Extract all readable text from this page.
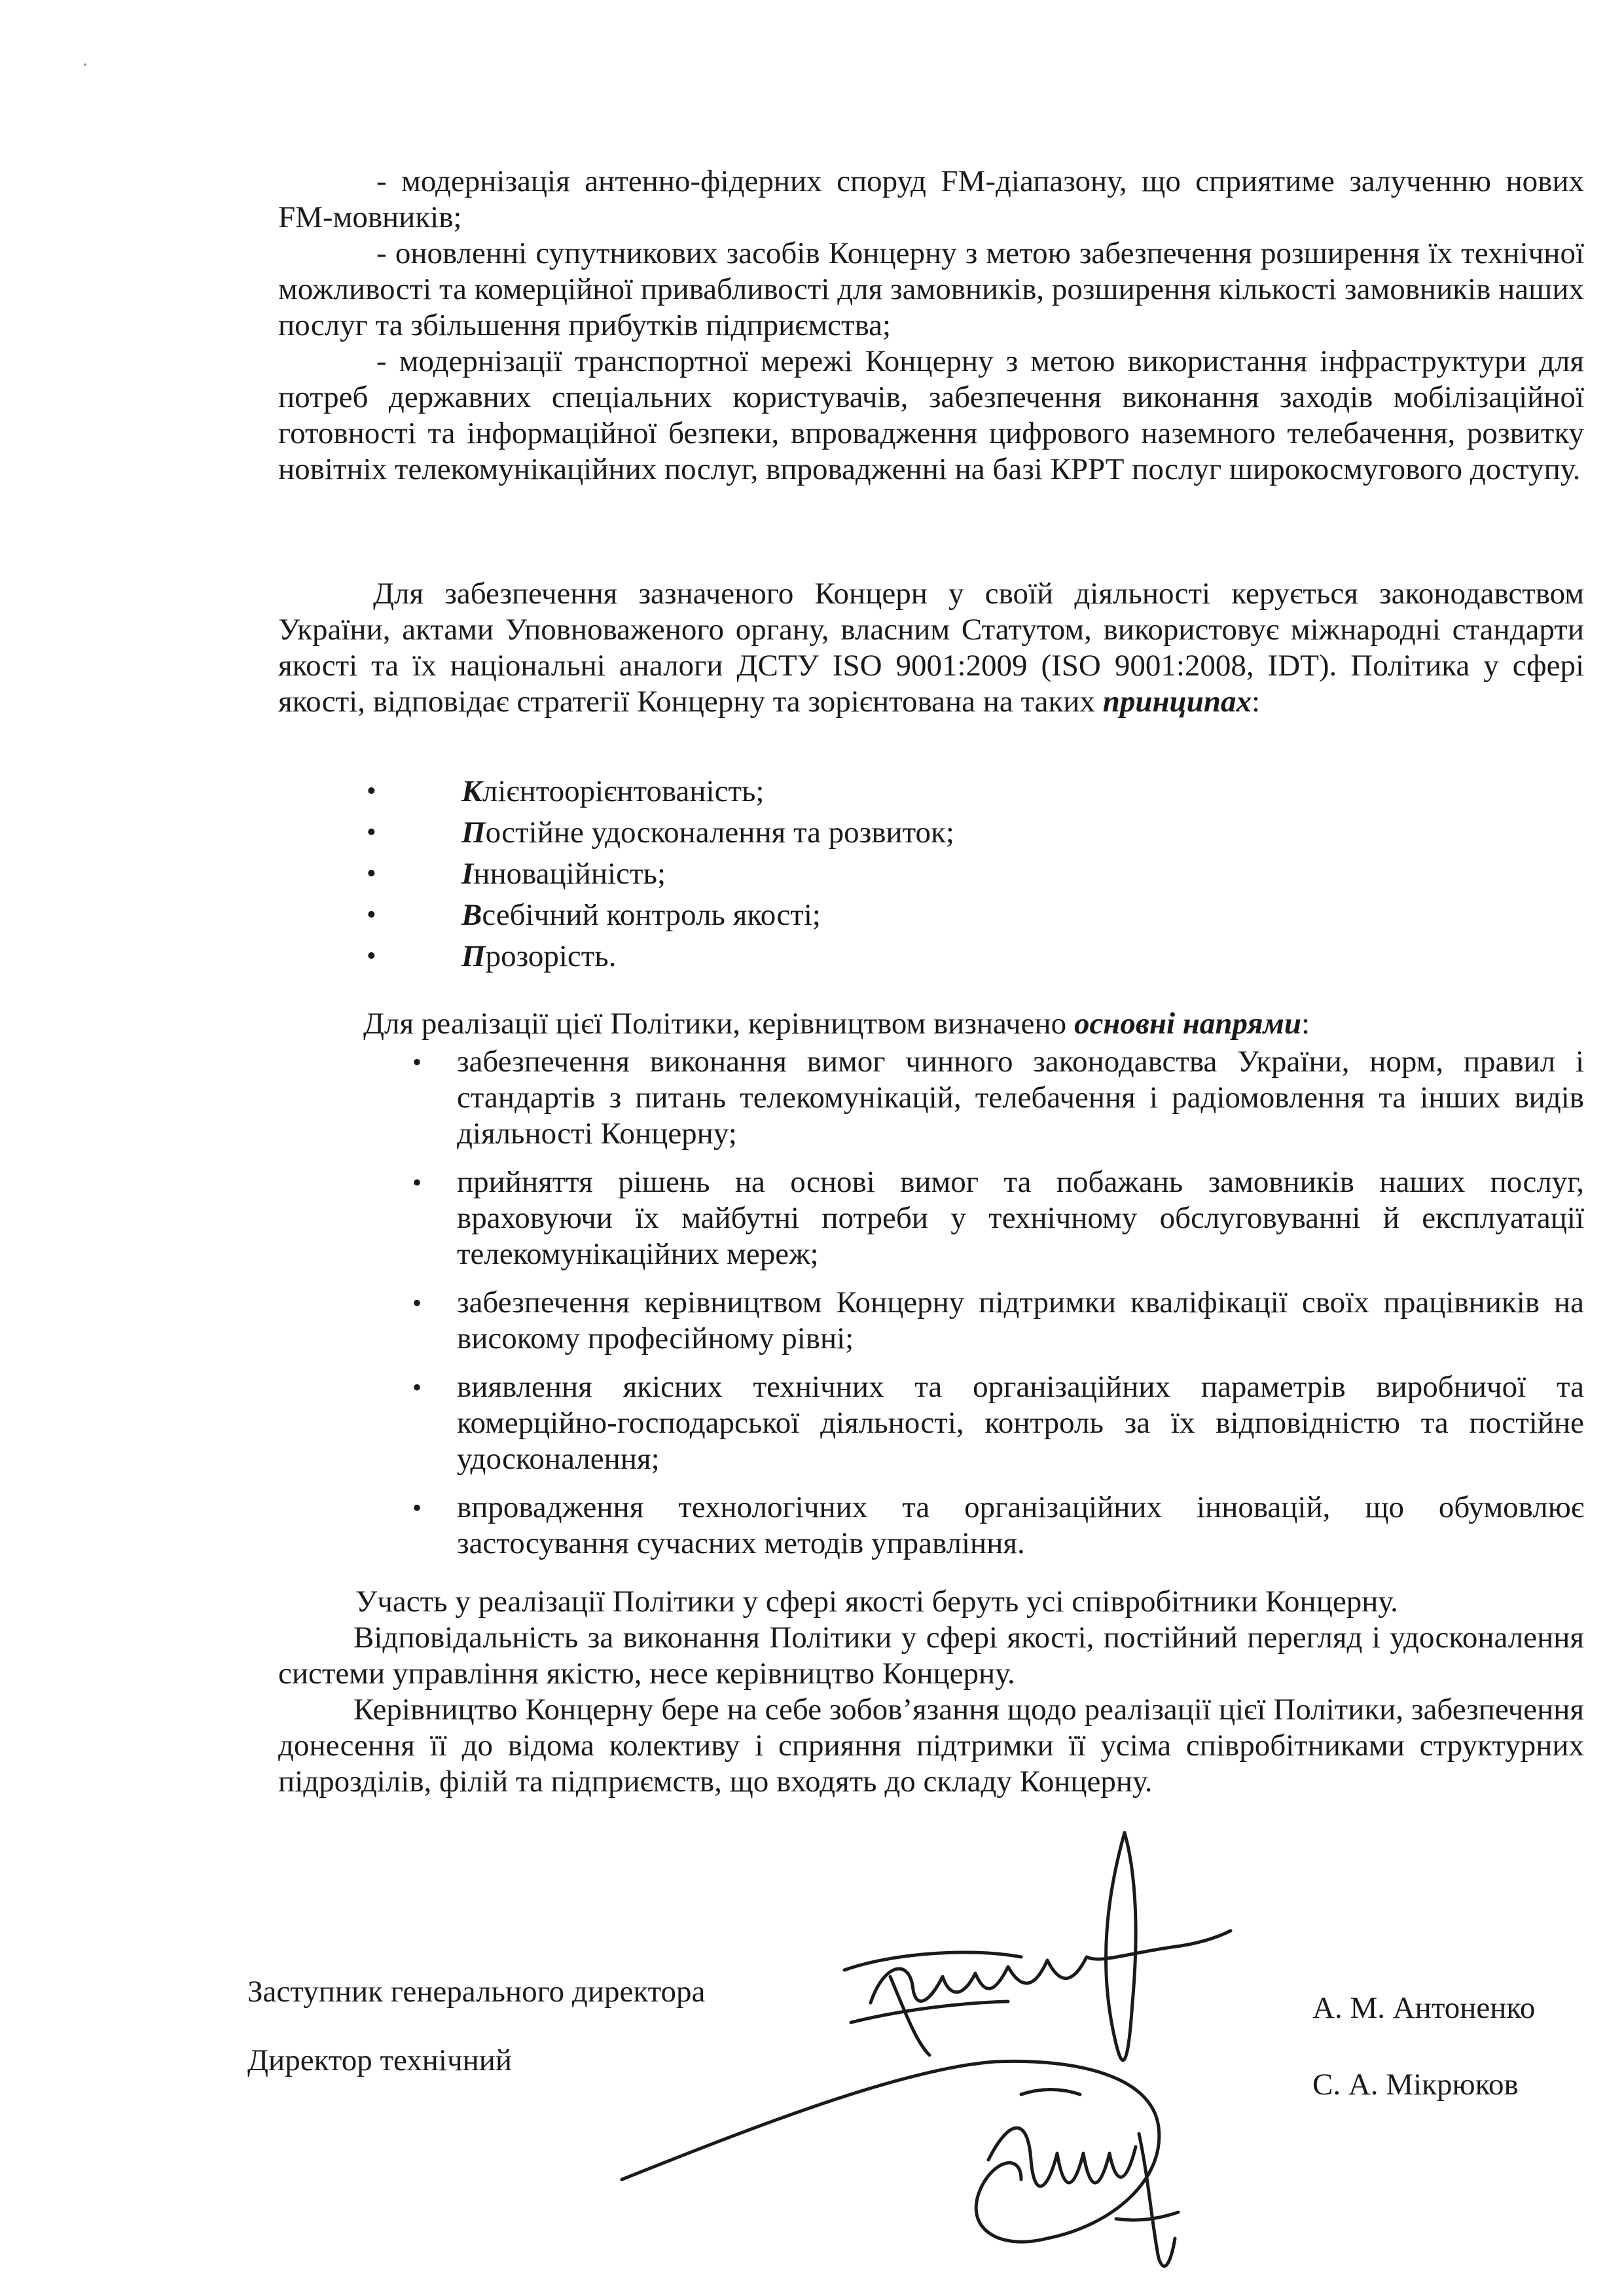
- модернізація антенно-фідерних споруд FM-діапазону, що сприятиме залученню нових FM-мовників;

- оновленні супутникових засобів Концерну з метою забезпечення розширення їх технічної можливості та комерційної привабливості для замовників, розширення кількості замовників наших послуг та збільшення прибутків підприємства;

- модернізації транспортної мережі Концерну з метою використання інфраструктури для потреб державних спеціальних користувачів, забезпечення виконання заходів мобілізаційної готовності та інформаційної безпеки, впровадження цифрового наземного телебачення, розвитку новітніх телекомунікаційних послуг, впровадженні на базі КРРТ послуг широкосмугового доступу.

Для забезпечення зазначеного Концерн у своїй діяльності керується законодавством України, актами Уповноваженого органу, власним Статутом, використовує міжнародні стандарти якості та їх національні аналоги ДСТУ ISO 9001:2009 (ISO 9001:2008, IDT). Політика у сфері якості, відповідає стратегії Концерну та зорієнтована на таких принципах:

• Клієнтоорієнтованість;
• Постійне удосконалення та розвиток;
• Інноваційність;
• Всебічний контроль якості;
• Прозорість.
Для реалізації цієї Політики, керівництвом визначено основні напрями:
• забезпечення виконання вимог чинного законодавства України, норм, правил і стандартів з питань телекомунікацій, телебачення і радіомовлення та інших видів діяльності Концерну;
• прийняття рішень на основі вимог та побажань замовників наших послуг, враховуючи їх майбутні потреби у технічному обслуговуванні й експлуатації телекомунікаційних мереж;
• забезпечення керівництвом Концерну підтримки кваліфікації своїх працівників на високому професійному рівні;
• виявлення якісних технічних та організаційних параметрів виробничої та комерційно-господарської діяльності, контроль за їх відповідністю та постійне удосконалення;
• впровадження технологічних та організаційних інновацій, що обумовлює застосування сучасних методів управління.

Участь у реалізації Політики у сфері якості беруть усі співробітники Концерну.

Відповідальність за виконання Політики у сфері якості, постійний перегляд і удосконалення системи управління якістю, несе керівництво Концерну.

Керівництво Концерну бере на себе зобов’язання щодо реалізації цієї Політики, забезпечення донесення її до відома колективу і сприяння підтримки її усіма співробітниками структурних підрозділів, філій та підприємств, що входять до складу Концерну.

Заступник генерального директора	А. М. Антоненко
Директор технічний
С. А. Мікрюков
